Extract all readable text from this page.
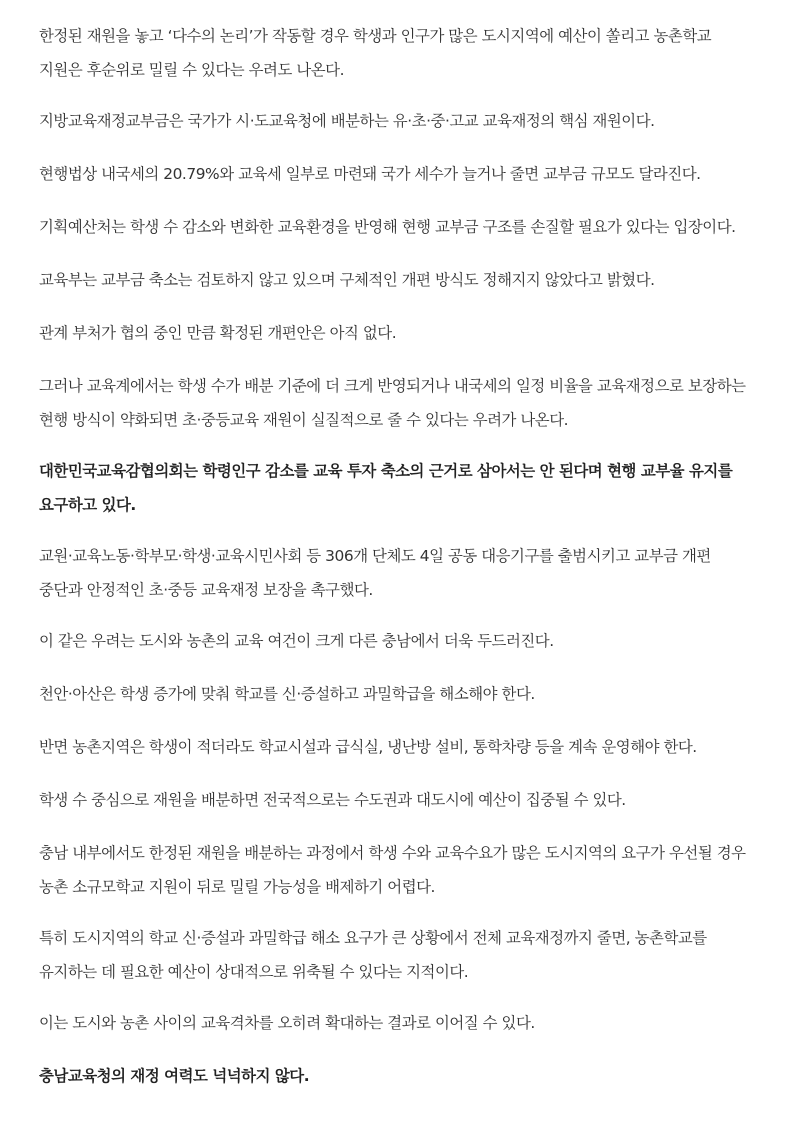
한정된 재원을 놓고 ‘다수의 논리’가 작동할 경우 학생과 인구가 많은 도시지역에 예산이 쏠리고 농촌학교 지원은 후순위로 밀릴 수 있다는 우려도 나온다.

지방교육재정교부금은 국가가 시·도교육청에 배분하는 유·초·중·고교 교육재정의 핵심 재원이다.

현행법상 내국세의 20.79%와 교육세 일부로 마련돼 국가 세수가 늘거나 줄면 교부금 규모도 달라진다.

기획예산처는 학생 수 감소와 변화한 교육환경을 반영해 현행 교부금 구조를 손질할 필요가 있다는 입장이다.

교육부는 교부금 축소는 검토하지 않고 있으며 구체적인 개편 방식도 정해지지 않았다고 밝혔다.

관계 부처가 협의 중인 만큼 확정된 개편안은 아직 없다.

그러나 교육계에서는 학생 수가 배분 기준에 더 크게 반영되거나 내국세의 일정 비율을 교육재정으로 보장하는 현행 방식이 약화되면 초·중등교육 재원이 실질적으로 줄 수 있다는 우려가 나온다.

대한민국교육감협의회는 학령인구 감소를 교육 투자 축소의 근거로 삼아서는 안 된다며 현행 교부율 유지를 요구하고 있다.

교원·교육노동·학부모·학생·교육시민사회 등 306개 단체도 4일 공동 대응기구를 출범시키고 교부금 개편 중단과 안정적인 초·중등 교육재정 보장을 촉구했다.

이 같은 우려는 도시와 농촌의 교육 여건이 크게 다른 충남에서 더욱 두드러진다.

천안·아산은 학생 증가에 맞춰 학교를 신·증설하고 과밀학급을 해소해야 한다.

반면 농촌지역은 학생이 적더라도 학교시설과 급식실, 냉난방 설비, 통학차량 등을 계속 운영해야 한다.

학생 수 중심으로 재원을 배분하면 전국적으로는 수도권과 대도시에 예산이 집중될 수 있다.

충남 내부에서도 한정된 재원을 배분하는 과정에서 학생 수와 교육수요가 많은 도시지역의 요구가 우선될 경우 농촌 소규모학교 지원이 뒤로 밀릴 가능성을 배제하기 어렵다.

특히 도시지역의 학교 신·증설과 과밀학급 해소 요구가 큰 상황에서 전체 교육재정까지 줄면, 농촌학교를 유지하는 데 필요한 예산이 상대적으로 위축될 수 있다는 지적이다.

이는 도시와 농촌 사이의 교육격차를 오히려 확대하는 결과로 이어질 수 있다.

충남교육청의 재정 여력도 넉넉하지 않다.
